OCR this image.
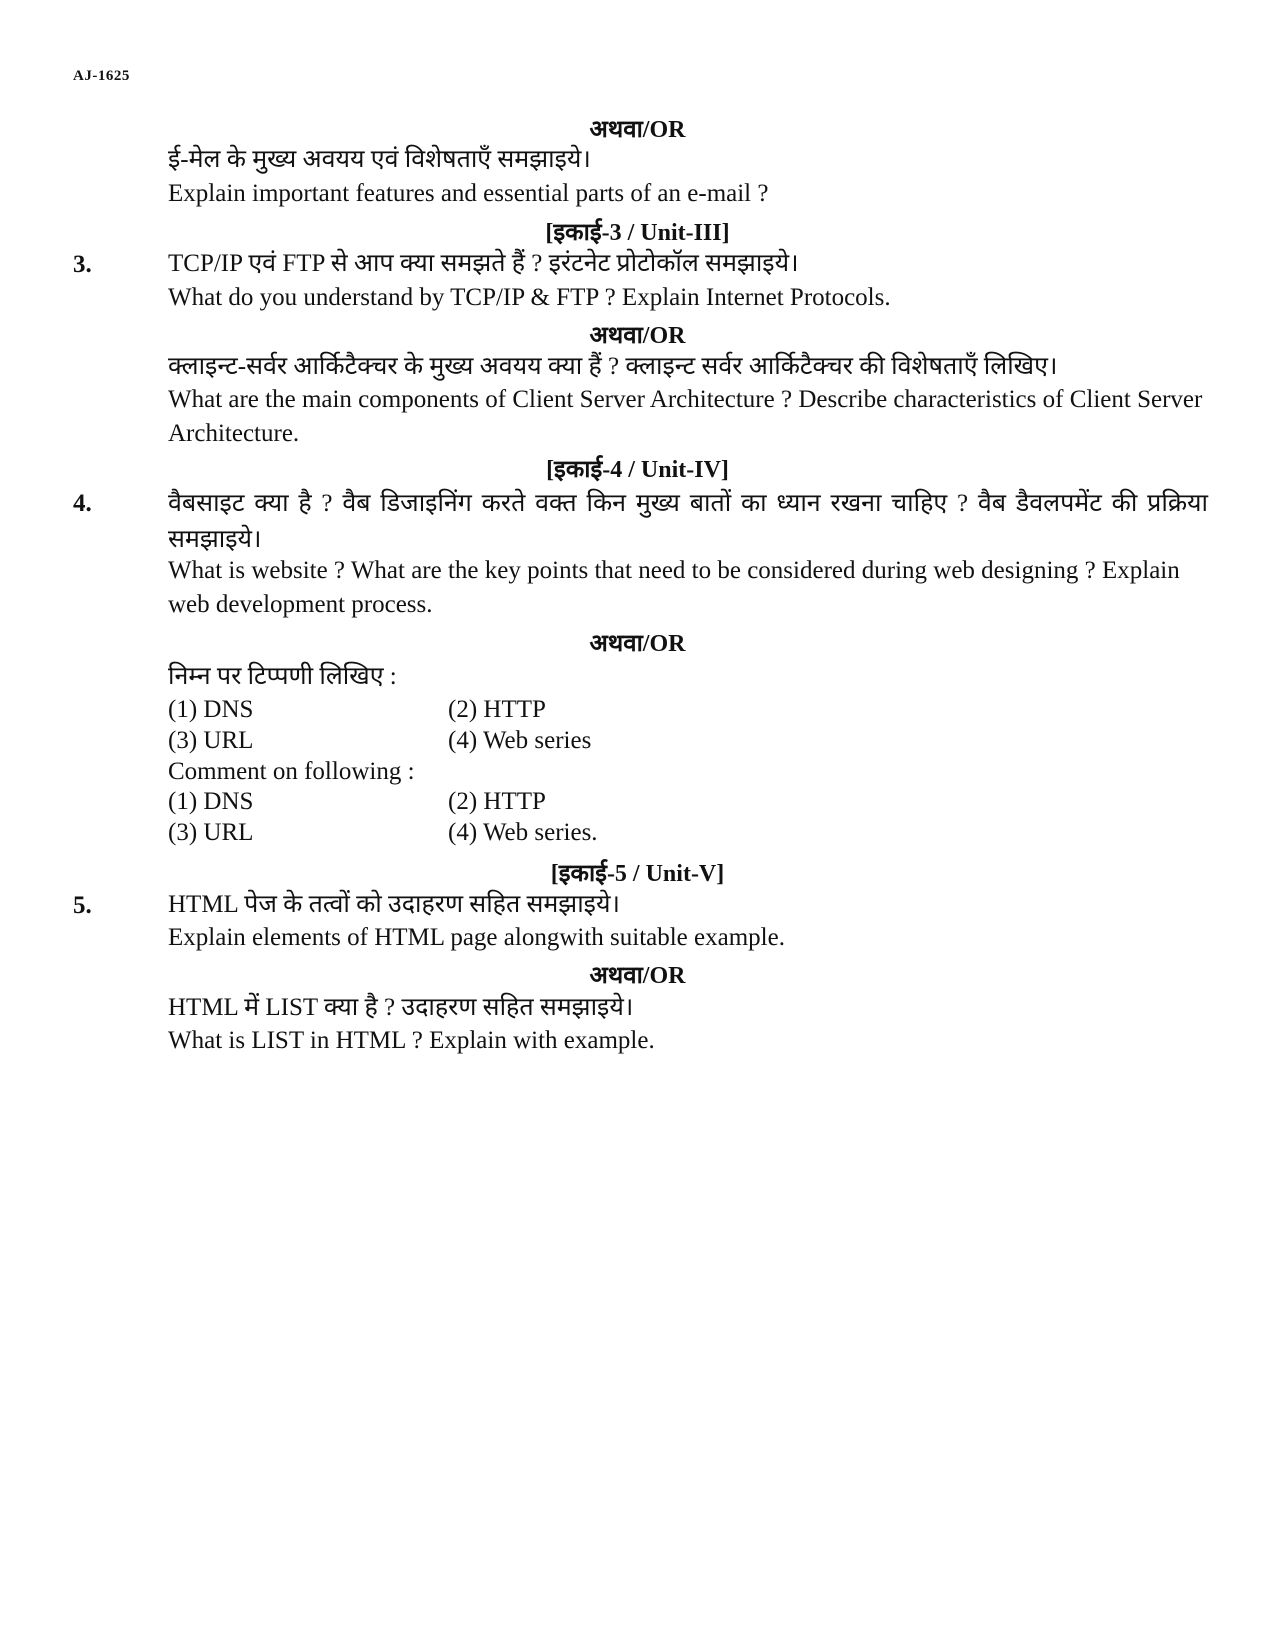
AJ-1625
अथवा/OR
ई-मेल के मुख्य अवयय एवं विशेषताएँ समझाइये।
Explain important features and essential parts of an e-mail ?
[इकाई-3 / Unit-III]
3.	TCP/IP एवं FTP से आप क्या समझते हैं ? इरंटनेट प्रोटोकॉल समझाइये।
What do you understand by TCP/IP & FTP ? Explain Internet Protocols.
अथवा/OR
क्लाइन्ट-सर्वर आर्किटैक्चर के मुख्य अवयय क्या हैं ? क्लाइन्ट सर्वर आर्किटैक्चर की विशेषताएँ लिखिए।
What are the main components of Client Server Architecture ? Describe characteristics of Client Server Architecture.
[इकाई-4 / Unit-IV]
4.	वैबसाइट क्या है ? वैब डिजाइनिंग करते वक्त किन मुख्य बातों का ध्यान रखना चाहिए ? वैब डैवलपमेंट की प्रक्रिया समझाइये।
What is website ? What are the key points that need to be considered during web designing ? Explain web development process.
अथवा/OR
निम्न पर टिप्पणी लिखिए :
(1) DNS	(2) HTTP
(3) URL	(4) Web series
Comment on following :
(1) DNS	(2) HTTP
(3) URL	(4) Web series.
[इकाई-5 / Unit-V]
5.	HTML पेज के तत्वों को उदाहरण सहित समझाइये।
Explain elements of HTML page alongwith suitable example.
अथवा/OR
HTML में LIST क्या है ? उदाहरण सहित समझाइये।
What is LIST in HTML ? Explain with example.
